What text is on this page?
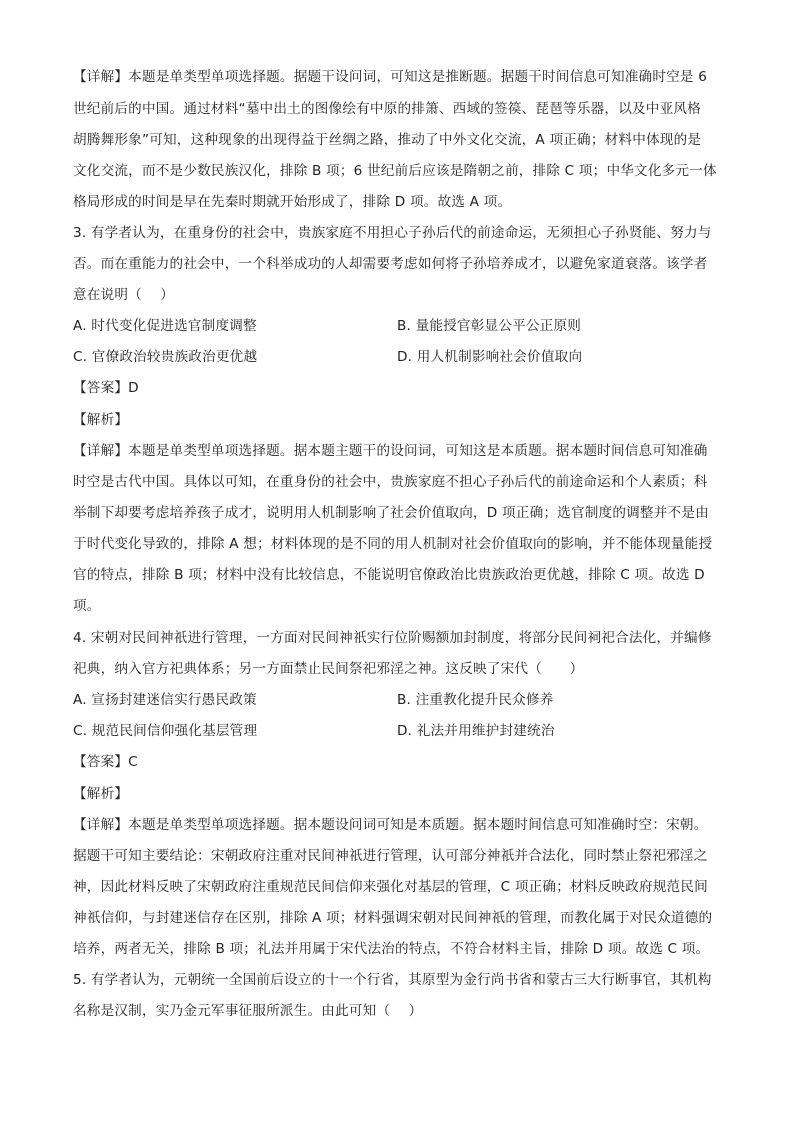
【详解】本题是单类型单项选择题。据题干设问词，可知这是推断题。据题干时间信息可知准确时空是 6
世纪前后的中国。通过材料“墓中出土的图像绘有中原的排箫、西域的签篌、琵琶等乐器，以及中亚风格
胡腾舞形象”可知，这种现象的出现得益于丝绸之路，推动了中外文化交流，A 项正确；材料中体现的是
文化交流，而不是少数民族汉化，排除 B 项；6 世纪前后应该是隋朝之前，排除 C 项；中华文化多元一体
格局形成的时间是早在先秦时期就开始形成了，排除 D 项。故选 A 项。
3. 有学者认为，在重身份的社会中，贵族家庭不用担心子孙后代的前途命运，无须担心子孙贤能、努力与
否。而在重能力的社会中，一个科举成功的人却需要考虑如何将子孙培养成才，以避免家道衰落。该学者
意在说明（　 ）
A. 时代变化促进选官制度调整	B. 量能授官彰显公平公正原则
C. 官僚政治较贵族政治更优越	D. 用人机制影响社会价值取向
【答案】D
【解析】
【详解】本题是单类型单项选择题。据本题主题干的设问词，可知这是本质题。据本题时间信息可知准确
时空是古代中国。具体以可知，在重身份的社会中，贵族家庭不担心子孙后代的前途命运和个人素质；科
举制下却要考虑培养孩子成才，说明用人机制影响了社会价值取向，D 项正确；选官制度的调整并不是由
于时代变化导致的，排除 A 想；材料体现的是不同的用人机制对社会价值取向的影响，并不能体现量能授
官的特点，排除 B 项；材料中没有比较信息，不能说明官僚政治比贵族政治更优越，排除 C 项。故选 D
项。
4. 宋朝对民间神祇进行管理，一方面对民间神祇实行位阶赐额加封制度，将部分民间祠祀合法化，并编修
祀典，纳入官方祀典体系；另一方面禁止民间祭祀邪淫之神。这反映了宋代（　　）
A. 宣扬封建迷信实行愚民政策	B. 注重教化提升民众修养
C. 规范民间信仰强化基层管理	D. 礼法并用维护封建统治
【答案】C
【解析】
【详解】本题是单类型单项选择题。据本题设问词可知是本质题。据本题时间信息可知准确时空：宋朝。
据题干可知主要结论：宋朝政府注重对民间神祇进行管理，认可部分神祇并合法化，同时禁止祭祀邪淫之
神，因此材料反映了宋朝政府注重规范民间信仰来强化对基层的管理，C 项正确；材料反映政府规范民间
神祇信仰，与封建迷信存在区别，排除 A 项；材料强调宋朝对民间神祇的管理，而教化属于对民众道德的
培养，两者无关，排除 B 项；礼法并用属于宋代法治的特点，不符合材料主旨，排除 D 项。故选 C 项。
5. 有学者认为，元朝统一全国前后设立的十一个行省，其原型为金行尚书省和蒙古三大行断事官，其机构
名称是汉制，实乃金元军事征服所派生。由此可知（　 ）
